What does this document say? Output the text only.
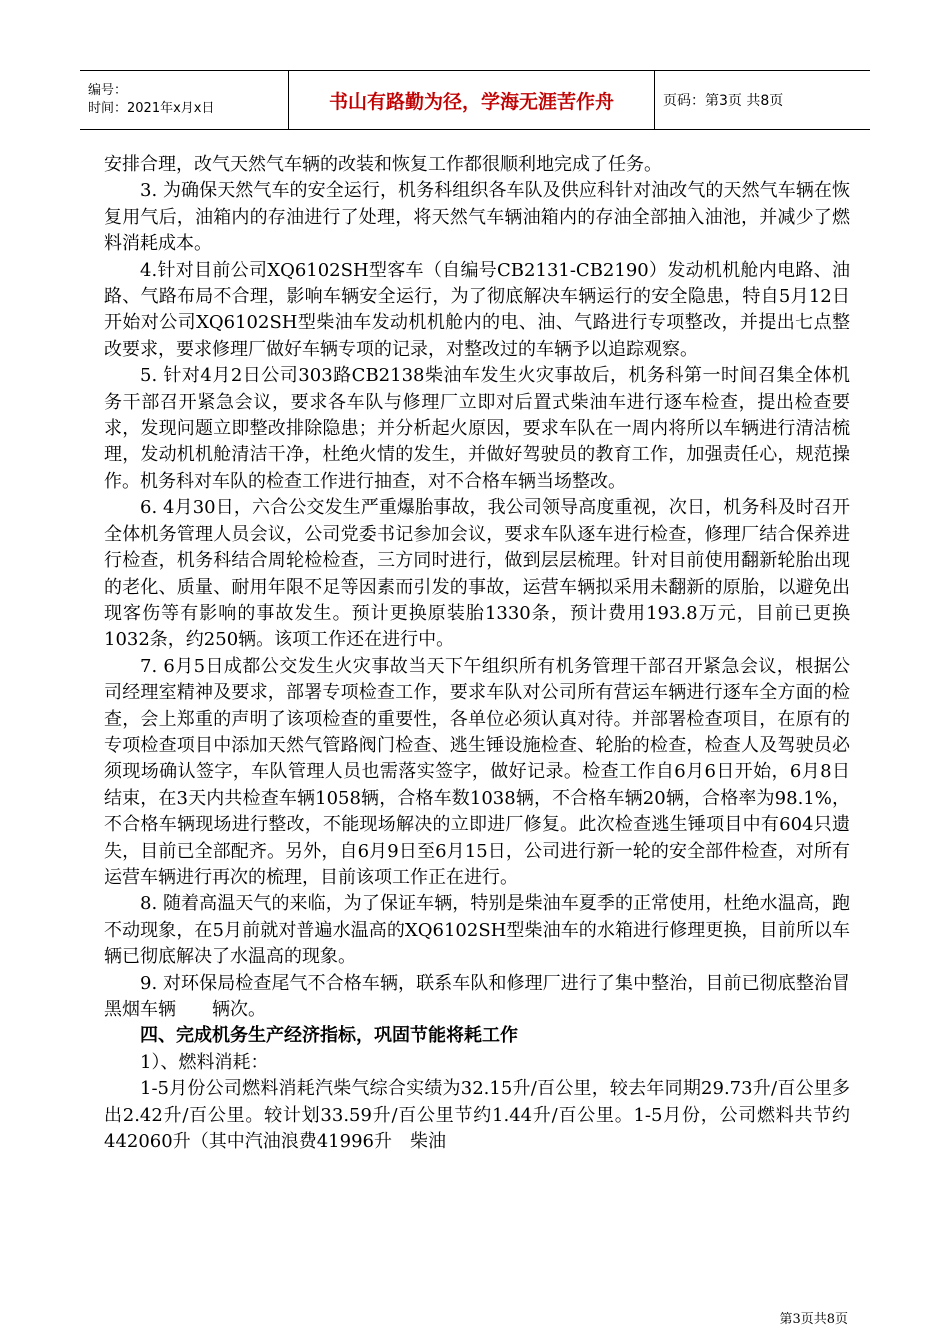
编号：
时间：2021年x月x日	书山有路勤为径，学海无涯苦作舟	页码：第3页 共8页

安排合理，改气天然气车辆的改装和恢复工作都很顺利地完成了任务。

3. 为确保天然气车的安全运行，机务科组织各车队及供应科针对油改气的天然气车辆在恢复用气后，油箱内的存油进行了处理，将天然气车辆油箱内的存油全部抽入油池，并减少了燃料消耗成本。

4.针对目前公司XQ6102SH型客车（自编号CB2131-CB2190）发动机机舱内电路、油路、气路布局不合理，影响车辆安全运行，为了彻底解决车辆运行的安全隐患，特自5月12日开始对公司XQ6102SH型柴油车发动机机舱内的电、油、气路进行专项整改，并提出七点整改要求，要求修理厂做好车辆专项的记录，对整改过的车辆予以追踪观察。

5. 针对4月2日公司303路CB2138柴油车发生火灾事故后，机务科第一时间召集全体机务干部召开紧急会议，要求各车队与修理厂立即对后置式柴油车进行逐车检查，提出检查要求，发现问题立即整改排除隐患；并分析起火原因，要求车队在一周内将所以车辆进行清洁梳理，发动机机舱清洁干净，杜绝火情的发生，并做好驾驶员的教育工作，加强责任心，规范操作。机务科对车队的检查工作进行抽查，对不合格车辆当场整改。

6. 4月30日，六合公交发生严重爆胎事故，我公司领导高度重视，次日，机务科及时召开全体机务管理人员会议，公司党委书记参加会议，要求车队逐车进行检查，修理厂结合保养进行检查，机务科结合周轮检检查，三方同时进行，做到层层梳理。针对目前使用翻新轮胎出现的老化、质量、耐用年限不足等因素而引发的事故，运营车辆拟采用未翻新的原胎，以避免出现客伤等有影响的事故发生。预计更换原装胎1330条，预计费用193.8万元，目前已更换1032条，约250辆。该项工作还在进行中。

7. 6月5日成都公交发生火灾事故当天下午组织所有机务管理干部召开紧急会议，根据公司经理室精神及要求，部署专项检查工作，要求车队对公司所有营运车辆进行逐车全方面的检查，会上郑重的声明了该项检查的重要性，各单位必须认真对待。并部署检查项目，在原有的专项检查项目中添加天然气管路阀门检查、逃生锤设施检查、轮胎的检查，检查人及驾驶员必须现场确认签字，车队管理人员也需落实签字，做好记录。检查工作自6月6日开始，6月8日结束，在3天内共检查车辆1058辆，合格车数1038辆，不合格车辆20辆，合格率为98.1%，不合格车辆现场进行整改，不能现场解决的立即进厂修复。此次检查逃生锤项目中有604只遗失，目前已全部配齐。另外，自6月9日至6月15日，公司进行新一轮的安全部件检查，对所有运营车辆进行再次的梳理，目前该项工作正在进行。

8. 随着高温天气的来临，为了保证车辆，特别是柴油车夏季的正常使用，杜绝水温高，跑不动现象，在5月前就对普遍水温高的XQ6102SH型柴油车的水箱进行修理更换，目前所以车辆已彻底解决了水温高的现象。

9. 对环保局检查尾气不合格车辆，联系车队和修理厂进行了集中整治，目前已彻底整治冒黑烟车辆　　辆次。

四、完成机务生产经济指标，巩固节能将耗工作

1）、燃料消耗：

1-5月份公司燃料消耗汽柴气综合实绩为32.15升/百公里，较去年同期29.73升/百公里多出2.42升/百公里。较计划33.59升/百公里节约1.44升/百公里。1-5月份，公司燃料共节约442060升（其中汽油浪费41996升　柴油

第3页共8页
